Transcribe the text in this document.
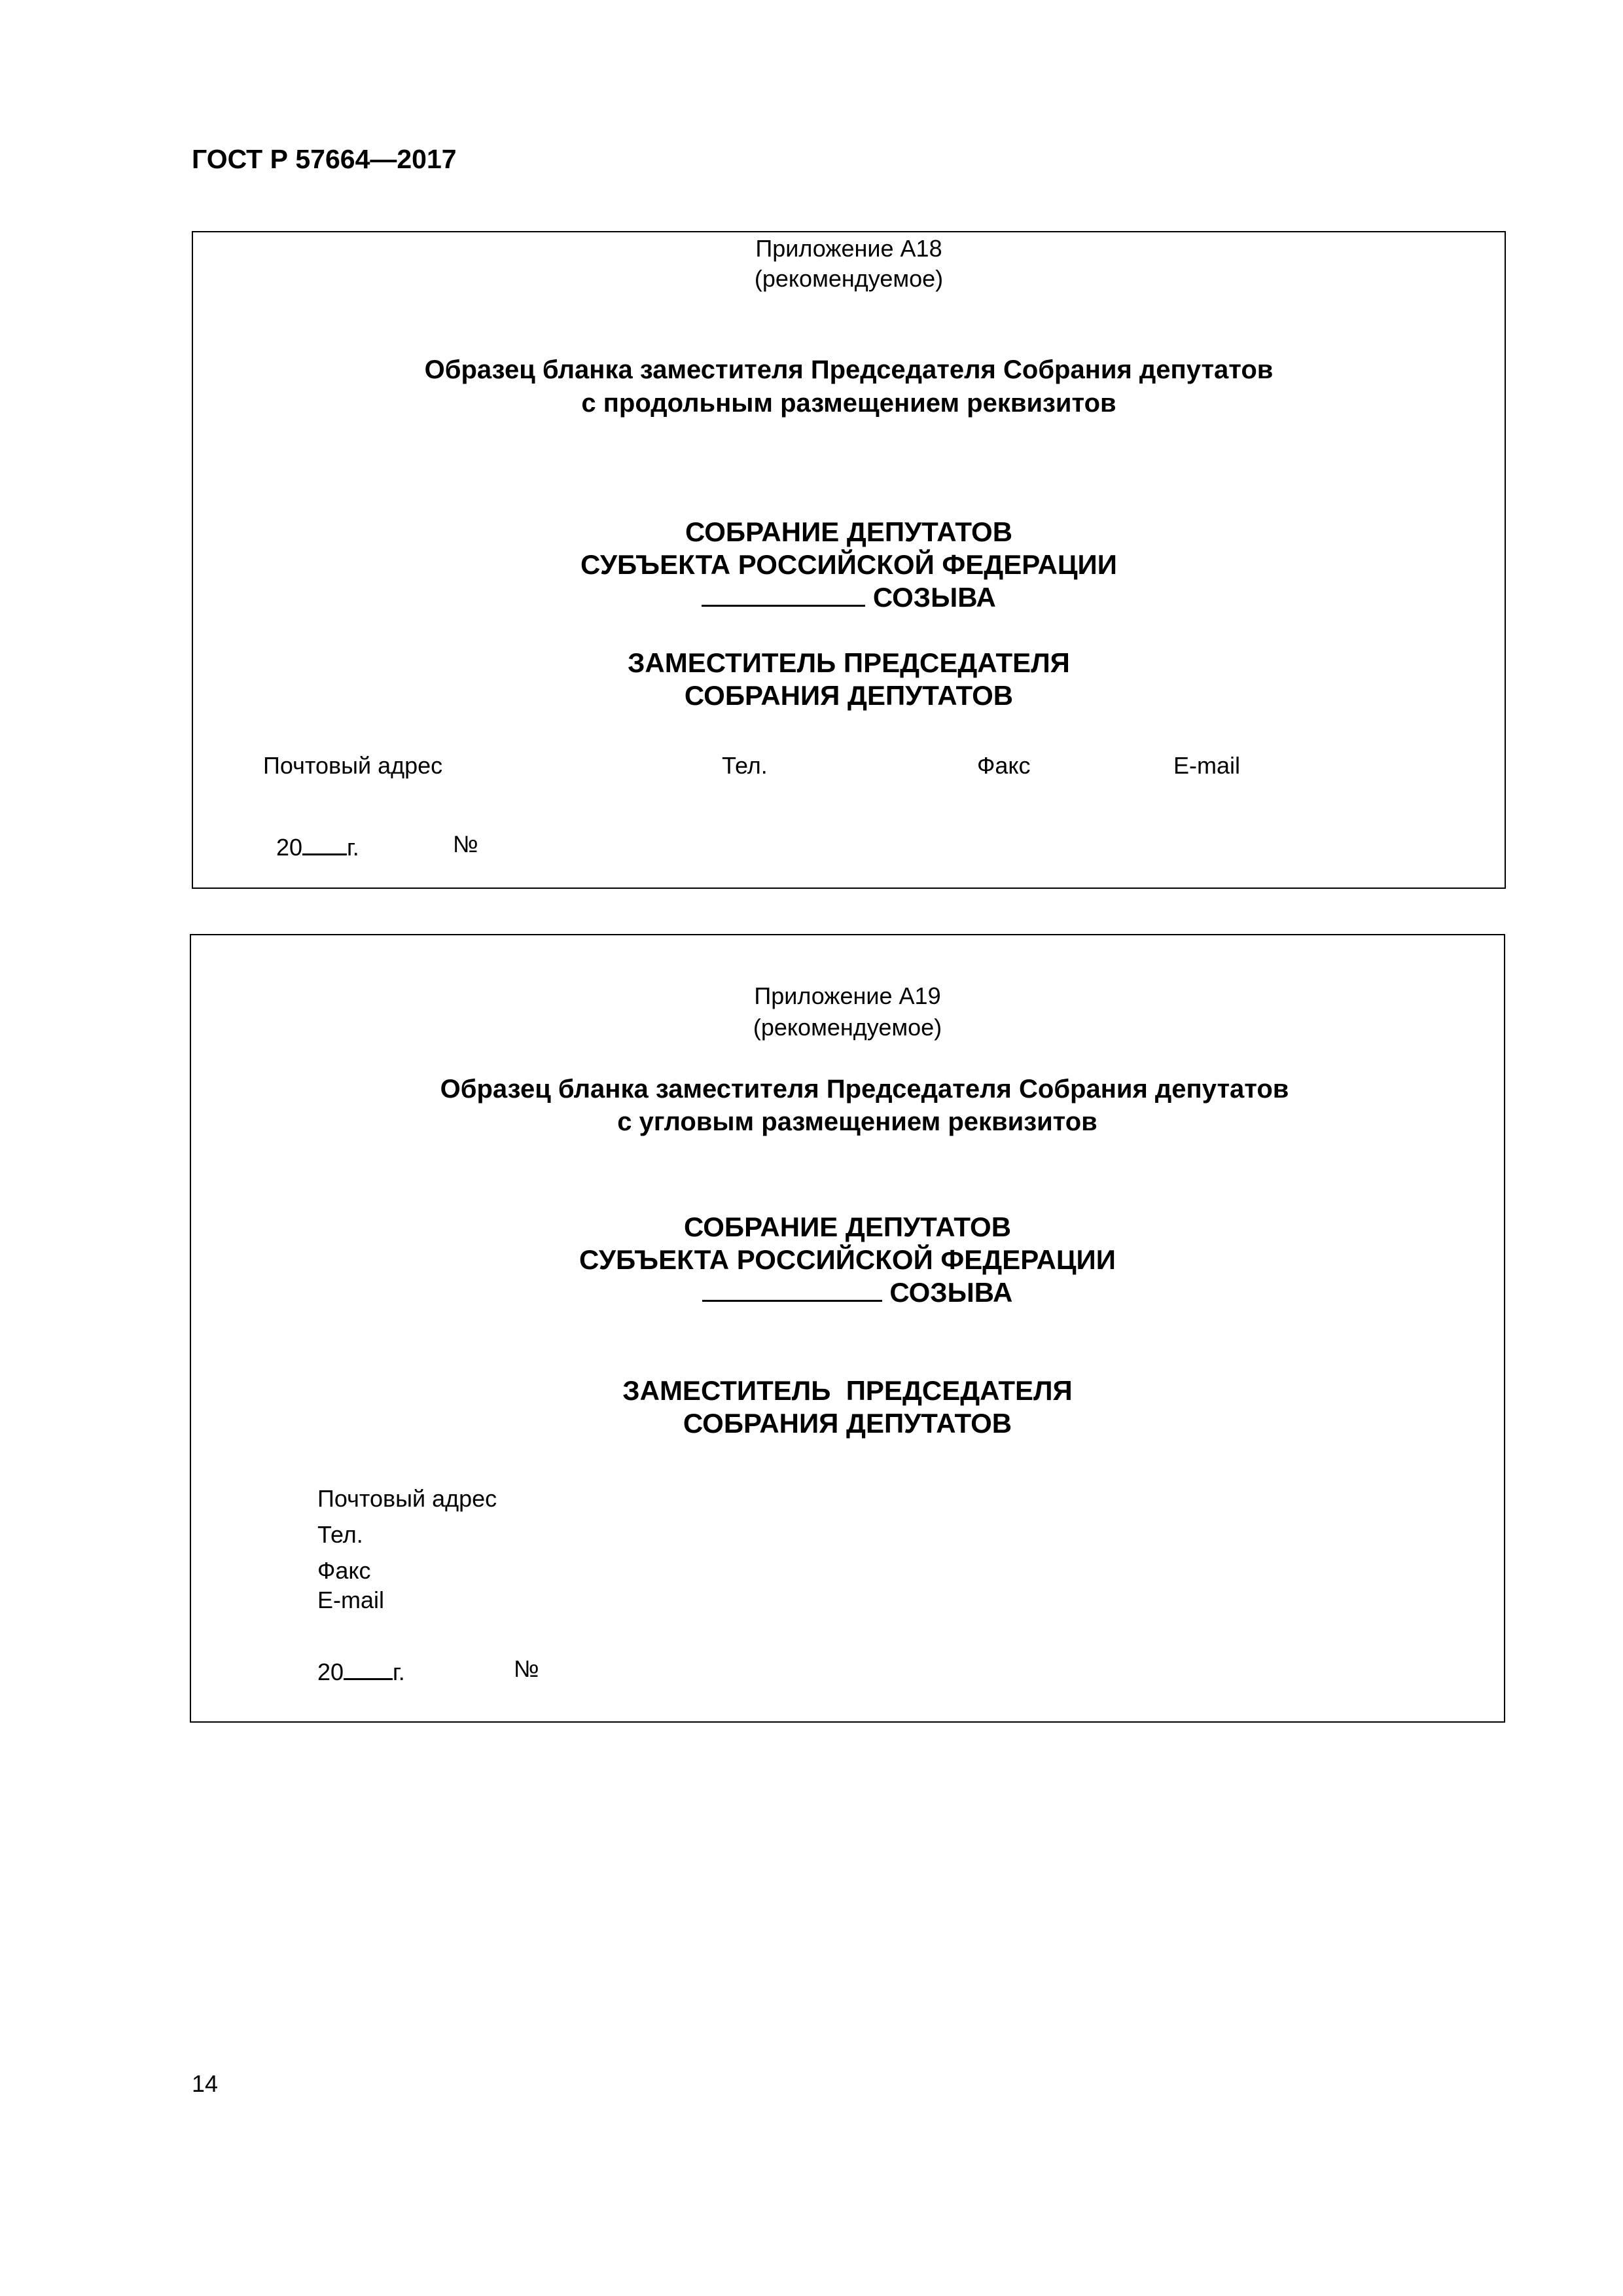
ГОСТ Р 57664—2017
Приложение А18
(рекомендуемое)
Образец бланка заместителя Председателя Собрания депутатов
с продольным размещением реквизитов
СОБРАНИЕ ДЕПУТАТОВ
СУБЪЕКТА РОССИЙСКОЙ ФЕДЕРАЦИИ
СОЗЫВА
ЗАМЕСТИТЕЛЬ ПРЕДСЕДАТЕЛЯ
СОБРАНИЯ ДЕПУТАТОВ
Почтовый адрес	Тел.	Факс	E-mail
20 г.	№
Приложение А19
(рекомендуемое)
Образец бланка заместителя Председателя Собрания депутатов
с угловым размещением реквизитов
СОБРАНИЕ ДЕПУТАТОВ
СУБЪЕКТА РОССИЙСКОЙ ФЕДЕРАЦИИ
СОЗЫВА
ЗАМЕСТИТЕЛЬ  ПРЕДСЕДАТЕЛЯ
СОБРАНИЯ ДЕПУТАТОВ
Почтовый адрес
Тел.
Факс
E-mail
20 г.	№
14
